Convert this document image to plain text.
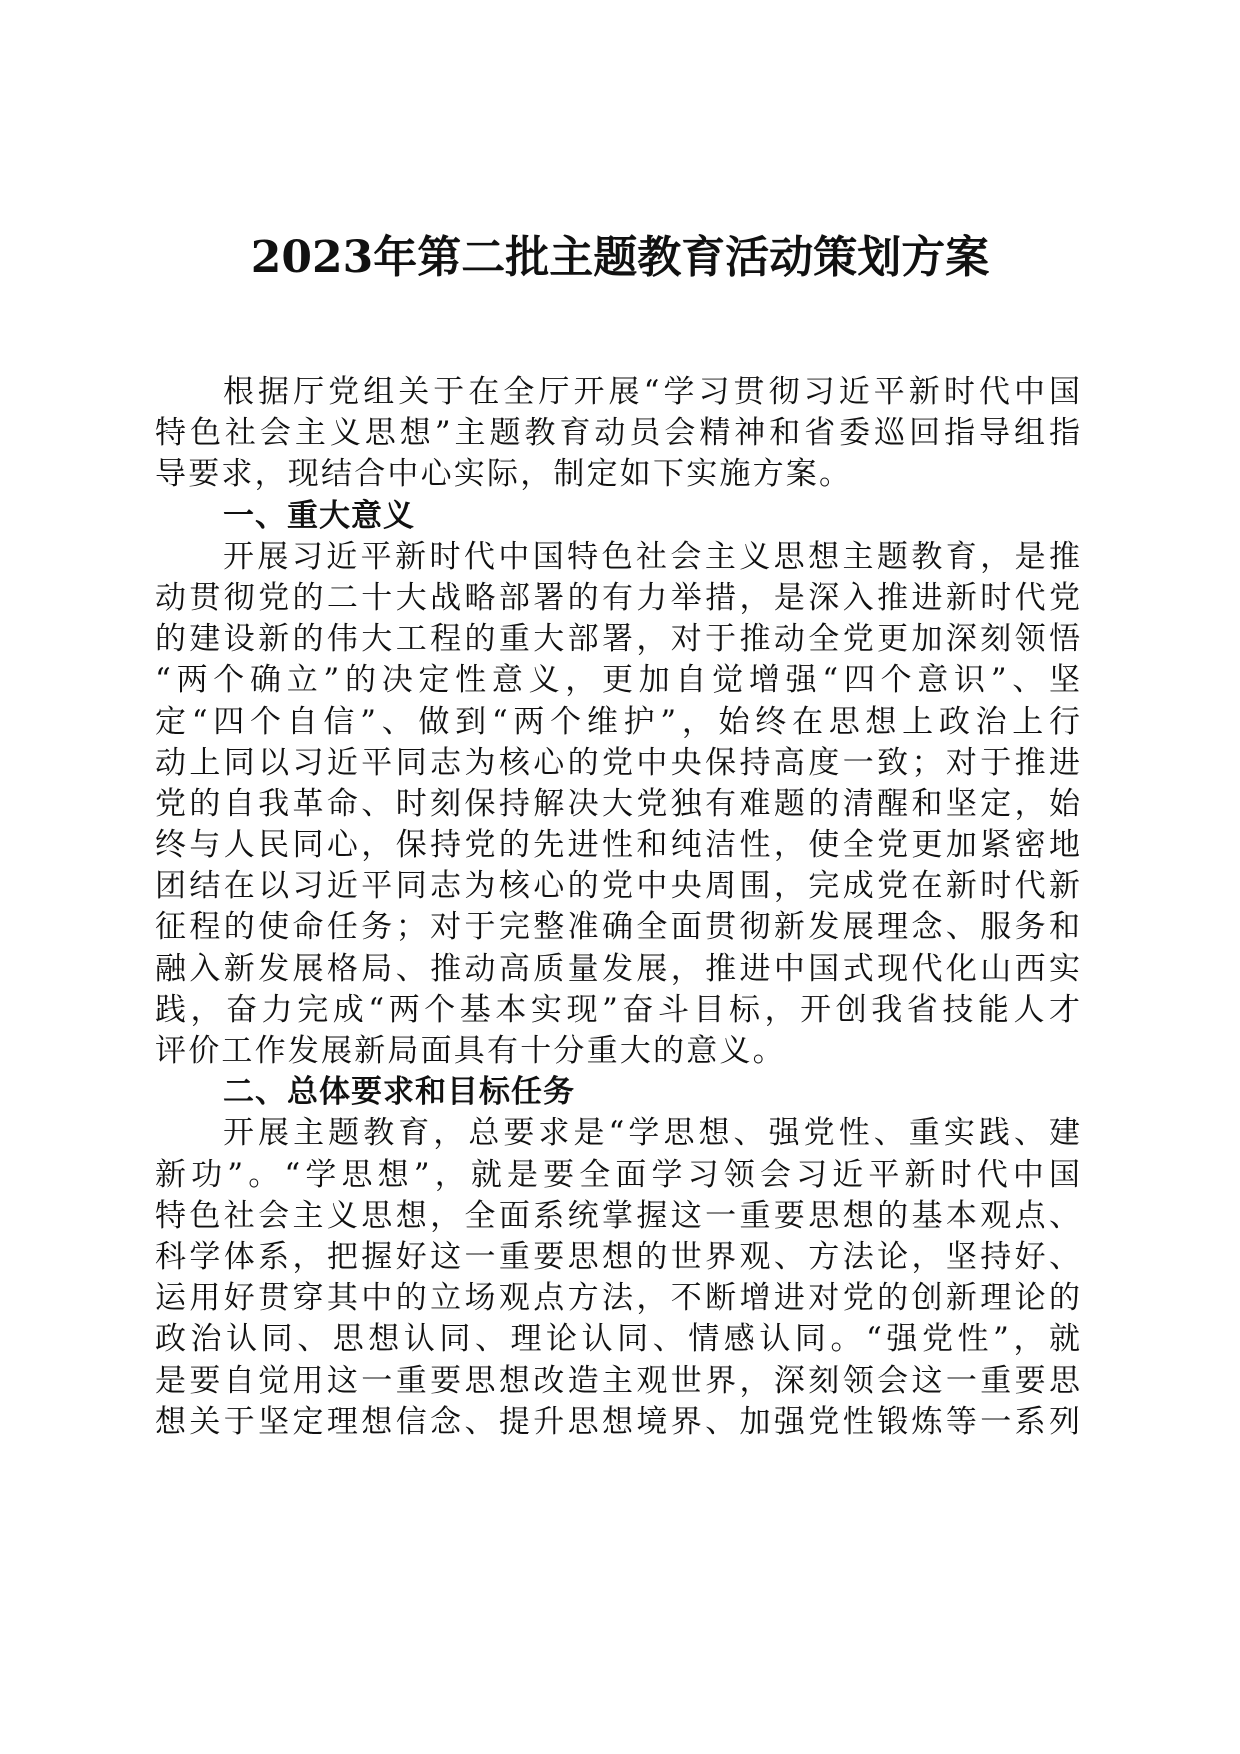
2023年第二批主题教育活动策划方案
根据厅党组关于在全厅开展“学习贯彻习近平新时代中国
特色社会主义思想”主题教育动员会精神和省委巡回指导组指
导要求，现结合中心实际，制定如下实施方案。
一、重大意义
开展习近平新时代中国特色社会主义思想主题教育，是推
动贯彻党的二十大战略部署的有力举措，是深入推进新时代党
的建设新的伟大工程的重大部署，对于推动全党更加深刻领悟
“两个确立”的决定性意义，更加自觉增强“四个意识”、坚
定“四个自信”、做到“两个维护”，始终在思想上政治上行
动上同以习近平同志为核心的党中央保持高度一致；对于推进
党的自我革命、时刻保持解决大党独有难题的清醒和坚定，始
终与人民同心，保持党的先进性和纯洁性，使全党更加紧密地
团结在以习近平同志为核心的党中央周围，完成党在新时代新
征程的使命任务；对于完整准确全面贯彻新发展理念、服务和
融入新发展格局、推动高质量发展，推进中国式现代化山西实
践，奋力完成“两个基本实现”奋斗目标，开创我省技能人才
评价工作发展新局面具有十分重大的意义。
二、总体要求和目标任务
开展主题教育，总要求是“学思想、强党性、重实践、建
新功”。“学思想”，就是要全面学习领会习近平新时代中国
特色社会主义思想，全面系统掌握这一重要思想的基本观点、
科学体系，把握好这一重要思想的世界观、方法论，坚持好、
运用好贯穿其中的立场观点方法，不断增进对党的创新理论的
政治认同、思想认同、理论认同、情感认同。“强党性”，就
是要自觉用这一重要思想改造主观世界，深刻领会这一重要思
想关于坚定理想信念、提升思想境界、加强党性锻炼等一系列
